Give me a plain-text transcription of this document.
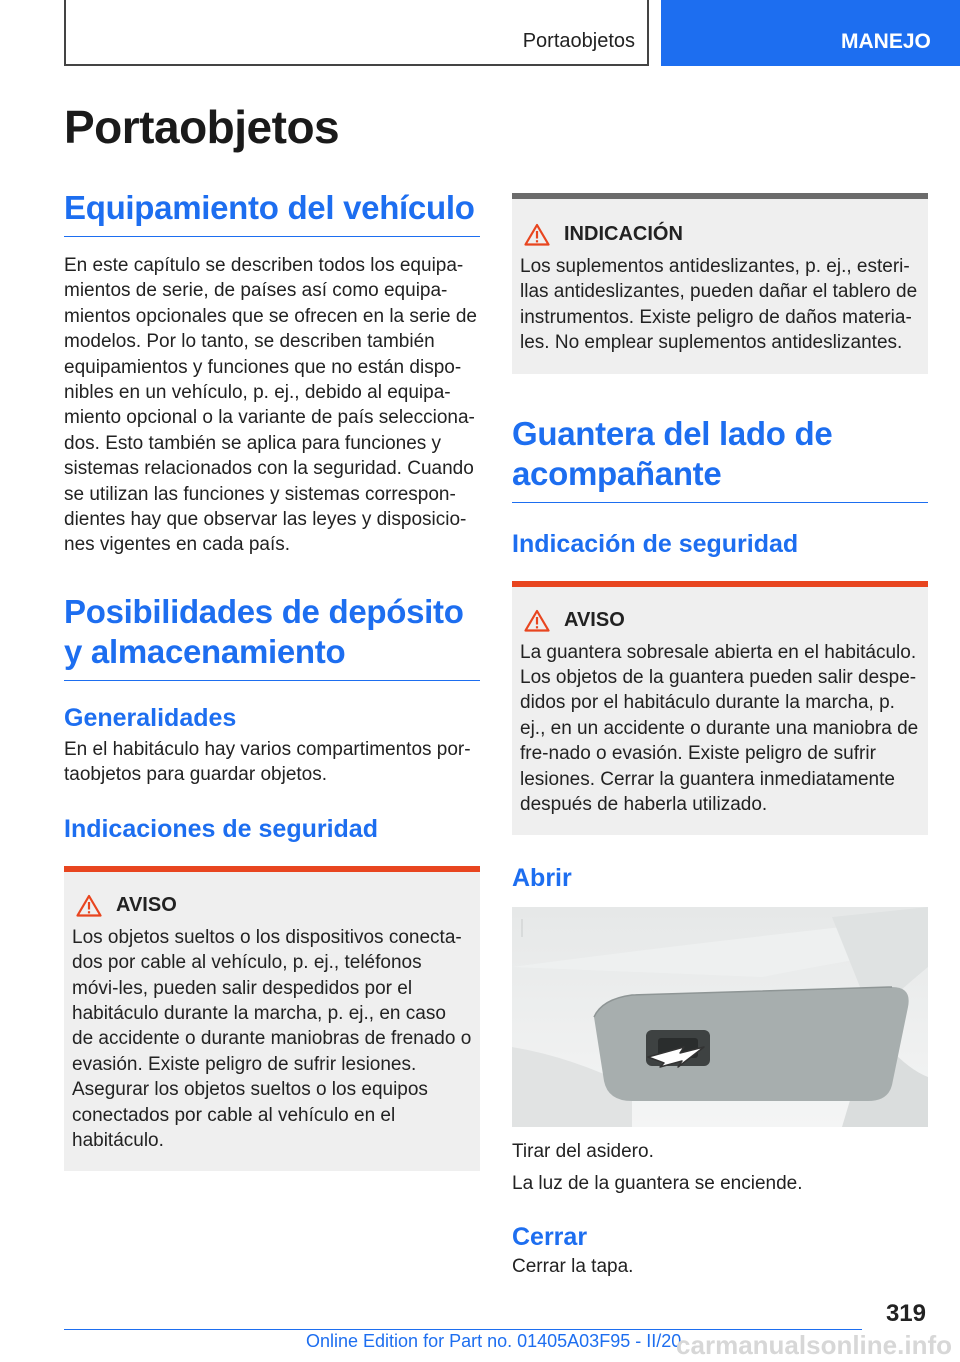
Portaobjetos	MANEJO
Portaobjetos
Equipamiento del vehículo

En este capítulo se describen todos los equipa-mientos de serie, de países así como equipa-mientos opcionales que se ofrecen en la serie de modelos. Por lo tanto, se describen también equipamientos y funciones que no están dispo-nibles en un vehículo, p. ej., debido al equipa-miento opcional o la variante de país selecciona-dos. Esto también se aplica para funciones y sistemas relacionados con la seguridad. Cuando se utilizan las funciones y sistemas correspon-dientes hay que observar las leyes y disposicio-nes vigentes en cada país.

Posibilidades de depósito y almacenamiento
Generalidades

En el habitáculo hay varios compartimentos por-taobjetos para guardar objetos.

Indicaciones de seguridad
AVISO

Los objetos sueltos o los dispositivos conecta-dos por cable al vehículo, p. ej., teléfonos móvi-les, pueden salir despedidos por el habitáculo durante la marcha, p. ej., en caso de accidente o durante maniobras de frenado o evasión. Existe peligro de sufrir lesiones. Asegurar los objetos sueltos o los equipos conectados por cable al vehículo en el habitáculo.

INDICACIÓN

Los suplementos antideslizantes, p. ej., esteri-llas antideslizantes, pueden dañar el tablero de instrumentos. Existe peligro de daños materia-les. No emplear suplementos antideslizantes.

Guantera del lado de acompañante
Indicación de seguridad
AVISO

La guantera sobresale abierta en el habitáculo. Los objetos de la guantera pueden salir despe-didos por el habitáculo durante la marcha, p. ej., en un accidente o durante una maniobra de fre-nado o evasión. Existe peligro de sufrir lesiones. Cerrar la guantera inmediatamente después de haberla utilizado.

Abrir

Tirar del asidero.

La luz de la guantera se enciende.

Cerrar

Cerrar la tapa.

319
Online Edition for Part no. 01405A03F95 - II/20
carmanualsonline.info
